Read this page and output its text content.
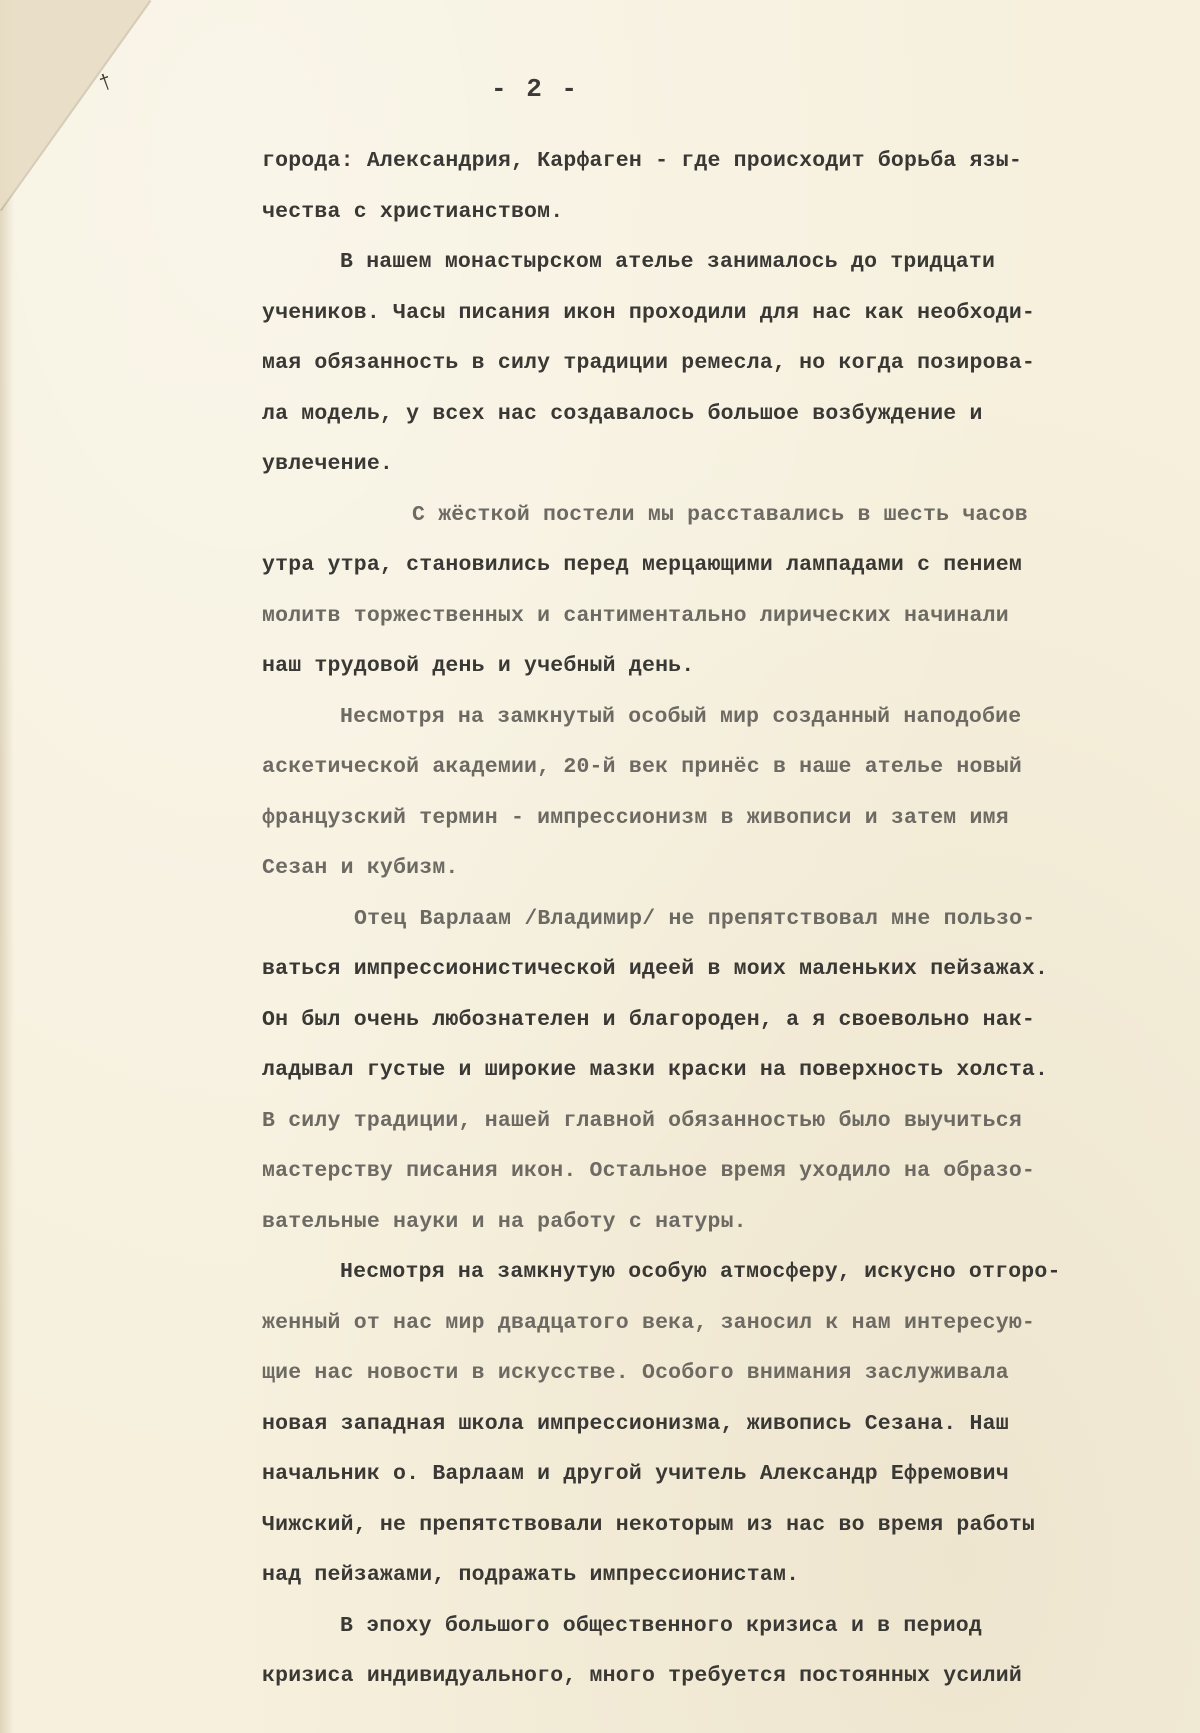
†	- 2 -
города: Александрия, Карфаген - где происходит борьба язы-
чества с христианством.
В нашем монастырском ателье занималось до тридцати
учеников. Часы писания икон проходили для нас как необходи-
мая обязанность в силу традиции ремесла, но когда позирова-
ла модель, у всех нас создавалось большое возбуждение и
увлечение.
С жёсткой постели мы расставались в шесть часов
утра утра, становились перед мерцающими лампадами с пением
молитв торжественных и сантиментально лирических начинали
наш трудовой день и учебный день.
Несмотря на замкнутый особый мир созданный наподобие
аскетической академии, 20-й век принёс в наше ателье новый
французский термин - импрессионизм в живописи и затем имя
Сезан и кубизм.
Отец Варлаам /Владимир/ не препятствовал мне пользо-
ваться импрессионистической идеей в моих маленьких пейзажах.
Он был очень любознателен и благороден, а я своевольно нак-
ладывал густые и широкие мазки краски на поверхность холста.
В силу традиции, нашей главной обязанностью было выучиться
мастерству писания икон. Остальное время уходило на образо-
вательные науки и на работу с натуры.
Несмотря на замкнутую особую атмосферу, искусно отгоро-
женный от нас мир двадцатого века, заносил к нам интересую-
щие нас новости в искусстве. Особого внимания заслуживала
новая западная школа импрессионизма, живопись Сезана. Наш
начальник о. Варлаам и другой учитель Александр Ефремович
Чижский, не препятствовали некоторым из нас во время работы
над пейзажами, подражать импрессионистам.
В эпоху большого общественного кризиса и в период
кризиса индивидуального, много требуется постоянных усилий
